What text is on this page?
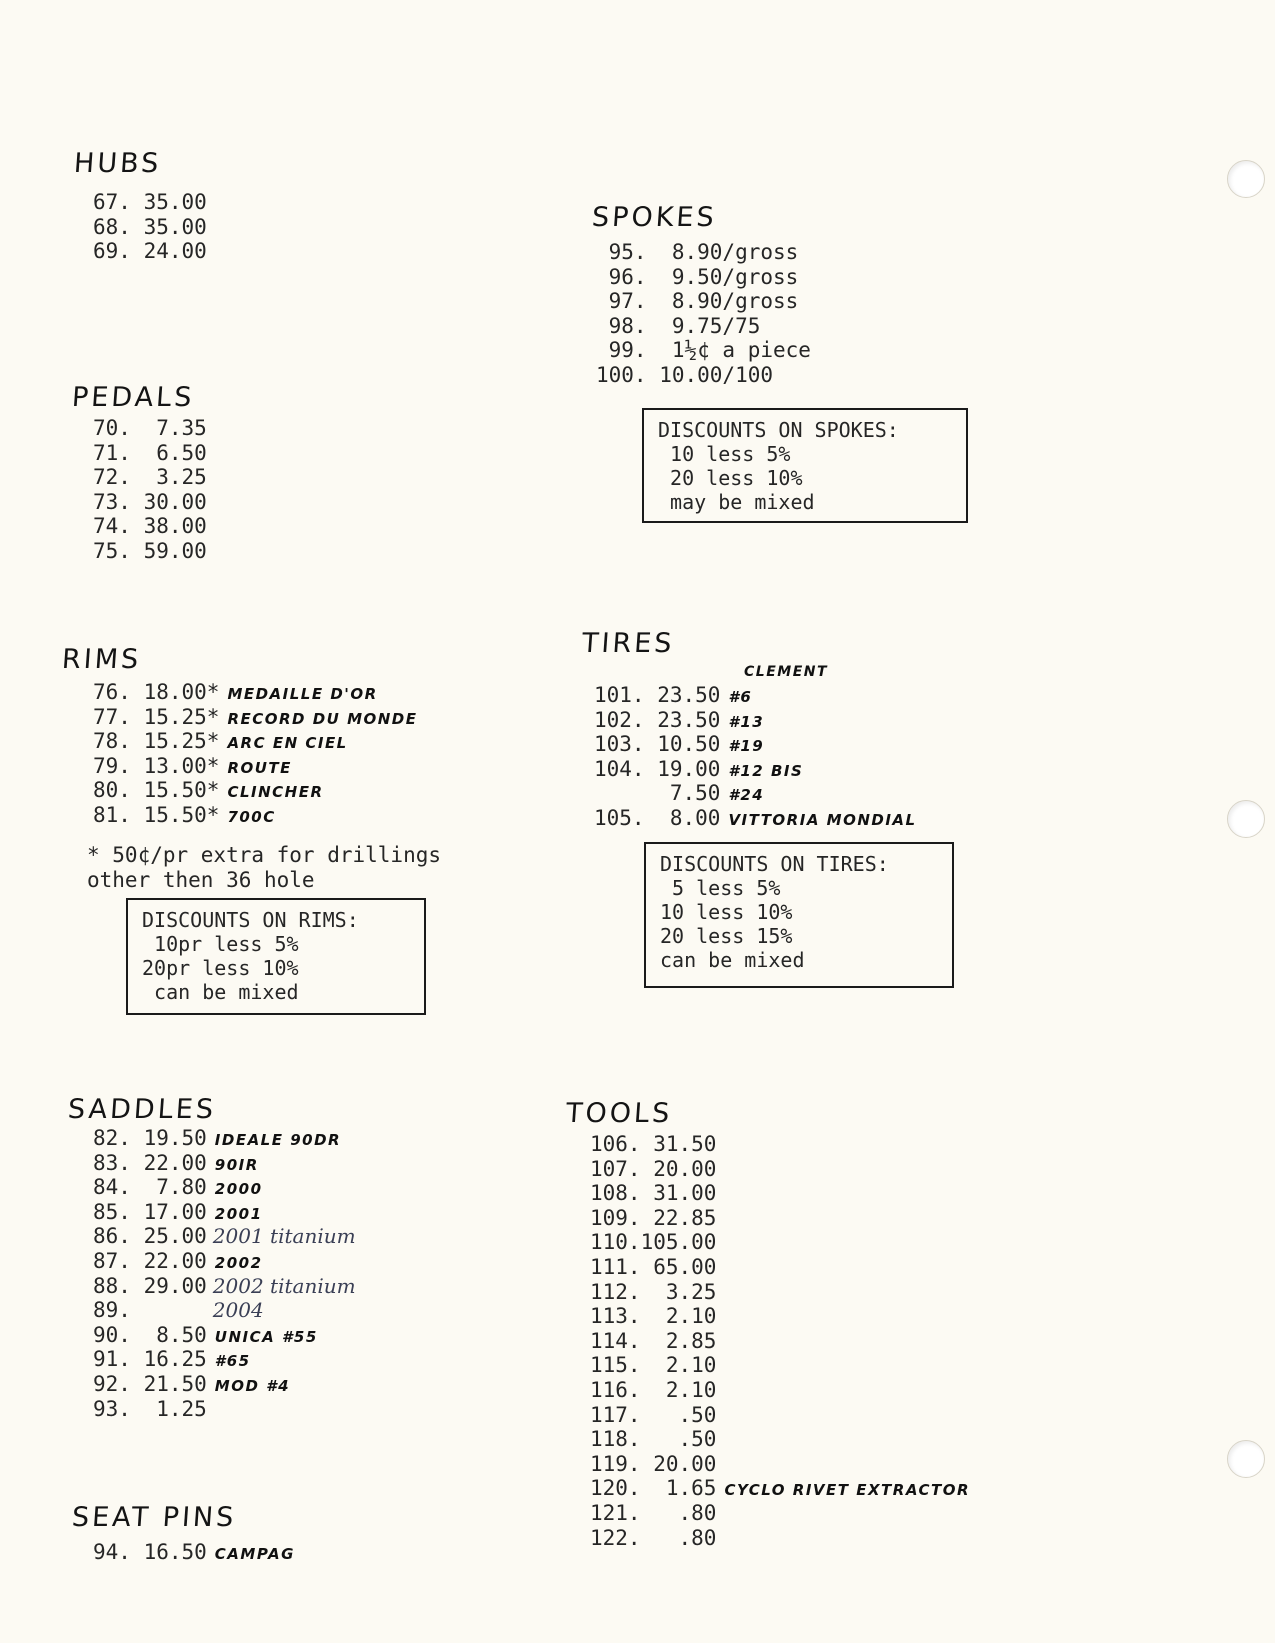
HUBS
67. 35.00
68. 35.00
69. 24.00
PEDALS
70.  7.35
71.  6.50
72.  3.25
73. 30.00
74. 38.00
75. 59.00
RIMS
76. 18.00* MEDAILLE D'OR
77. 15.25* RECORD DU MONDE
78. 15.25* ARC EN CIEL
79. 13.00* ROUTE
80. 15.50* CLINCHER
81. 15.50* 700C

* 50¢/pr extra for drillings

other then 36 hole

DISCOUNTS ON RIMS:
10pr less 5%
20pr less 10%
can be mixed
SADDLES
82. 19.50 IDEALE 90DR
83. 22.00 90IR
84.  7.80 2000
85. 17.00 2001
86. 25.00 2001 titanium
87. 22.00 2002
88. 29.00 2002 titanium
89.      2004
90.  8.50 UNICA #55
91. 16.25 #65
92. 21.50 MOD #4
93.  1.25
SEAT PINS
94. 16.50 CAMPAG
SPOKES
95.  8.90/gross
96.  9.50/gross
97.  8.90/gross
98.  9.75/75
99.  1½¢ a piece
100. 10.00/100
DISCOUNTS ON SPOKES:
10 less 5%
20 less 10%
may be mixed
TIRES
CLEMENT
101. 23.50 #6
102. 23.50 #13
103. 10.50 #19
104. 19.00 #12 BIS
7.50 #24
105.  8.00 VITTORIA MONDIAL
DISCOUNTS ON TIRES:
5 less 5%
10 less 10%
20 less 15%
can be mixed
TOOLS
106. 31.50
107. 20.00
108. 31.00
109. 22.85
110.105.00
111. 65.00
112.  3.25
113.  2.10
114.  2.85
115.  2.10
116.  2.10
117.   .50
118.   .50
119. 20.00
120.  1.65 CYCLO RIVET EXTRACTOR
121.   .80
122.   .80
